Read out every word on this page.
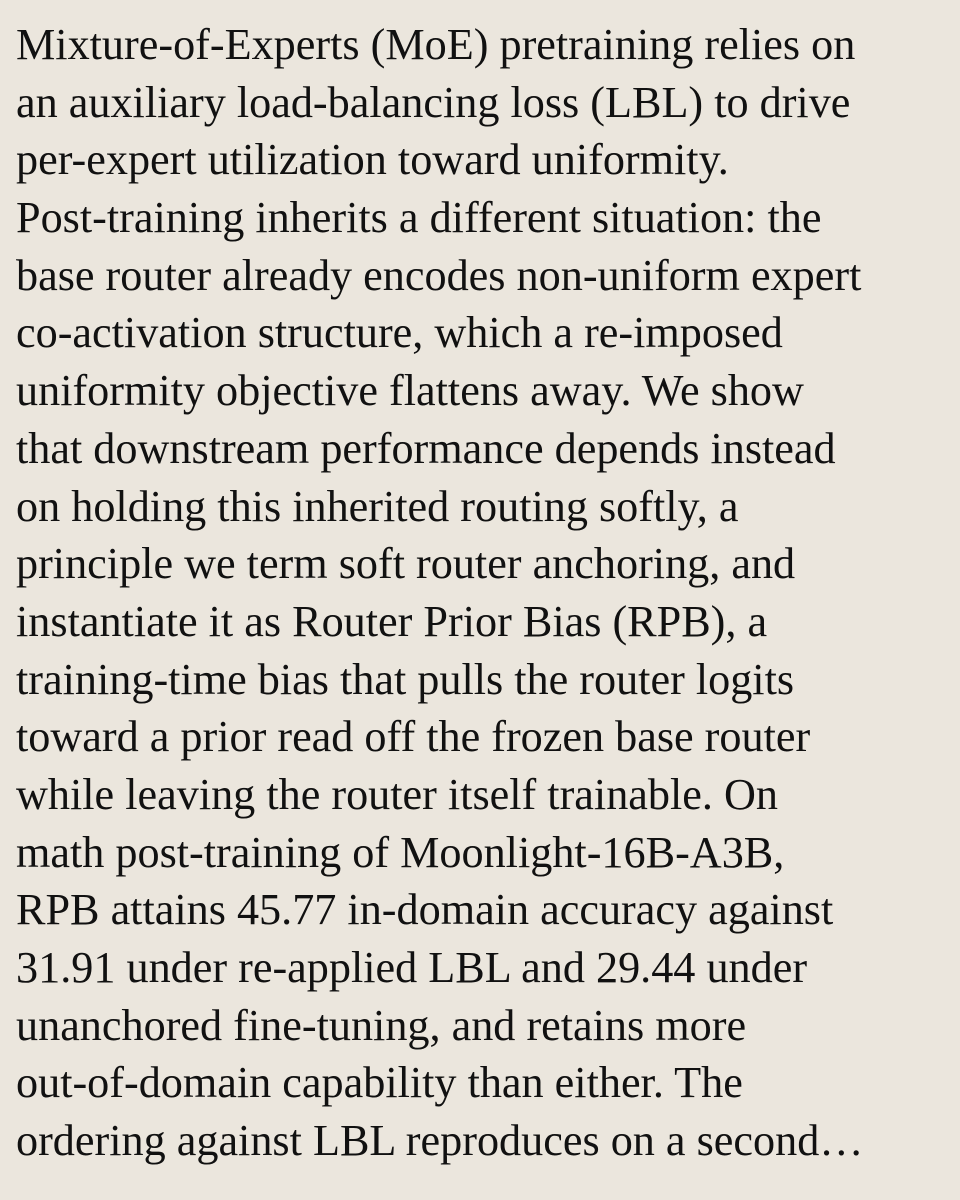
Mixture-of-Experts (MoE) pretraining relies on
an auxiliary load-balancing loss (LBL) to drive
per-expert utilization toward uniformity.
Post-training inherits a different situation: the
base router already encodes non-uniform expert
co-activation structure, which a re-imposed
uniformity objective flattens away. We show
that downstream performance depends instead
on holding this inherited routing softly, a
principle we term soft router anchoring, and
instantiate it as Router Prior Bias (RPB), a
training-time bias that pulls the router logits
toward a prior read off the frozen base router
while leaving the router itself trainable. On
math post-training of Moonlight-16B-A3B,
RPB attains 45.77 in-domain accuracy against
31.91 under re-applied LBL and 29.44 under
unanchored fine-tuning, and retains more
out-of-domain capability than either. The
ordering against LBL reproduces on a second…
